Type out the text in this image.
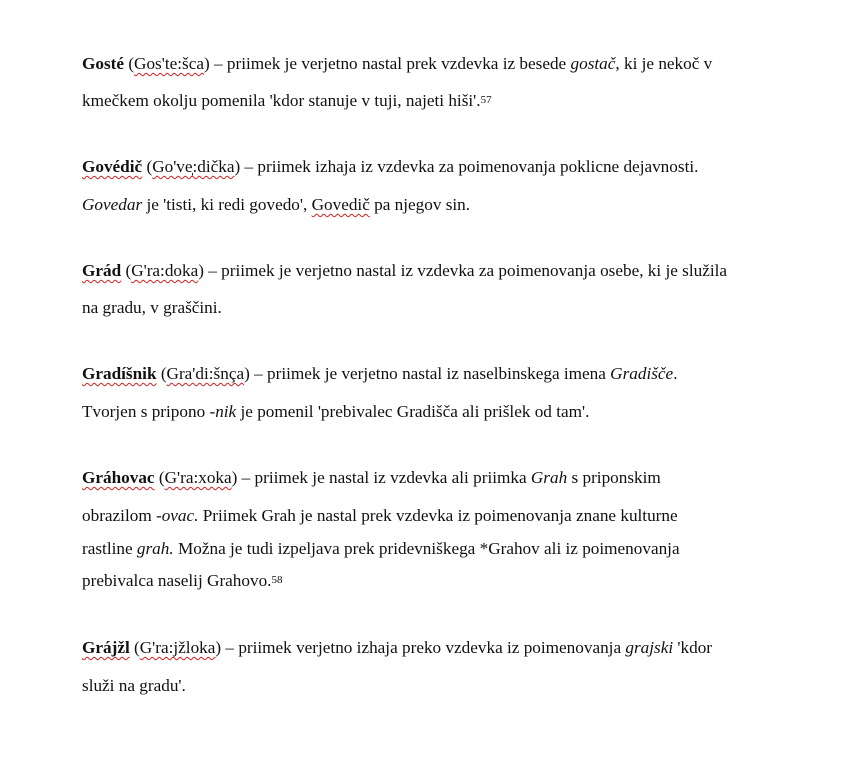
Gosté (Gos'te:šca) – priimek je verjetno nastal prek vzdevka iz besede gostač, ki je nekoč v
kmečkem okolju pomenila 'kdor stanuje v tuji, najeti hiši'.$^{57}$
Govédič (Go've̩:dička) – priimek izhaja iz vzdevka za poimenovanja poklicne dejavnosti.
Govedar je 'tisti, ki redi govedo', Govedič pa njegov sin.
Grád (G'ra:doka) – priimek je verjetno nastal iz vzdevka za poimenovanja osebe, ki je služila
na gradu, v graščini.
Gradíšnik (Gra'di:šnça) – priimek je verjetno nastal iz naselbinskega imena Gradišče.
Tvorjen s pripono -nik je pomenil 'prebivalec Gradišča ali prišlek od tam'.
Gráhovac (G'ra:xoka) – priimek je nastal iz vzdevka ali priimka Grah s priponskim
obrazilom -ovac. Priimek Grah je nastal prek vzdevka iz poimenovanja znane kulturne
rastline grah. Možna je tudi izpeljava prek pridevniškega *Grahov ali iz poimenovanja
prebivalca naselij Grahovo.$^{58}$
Grájžl (G'ra:jžloka) – priimek verjetno izhaja preko vzdevka iz poimenovanja grajski 'kdor
služi na gradu'.
